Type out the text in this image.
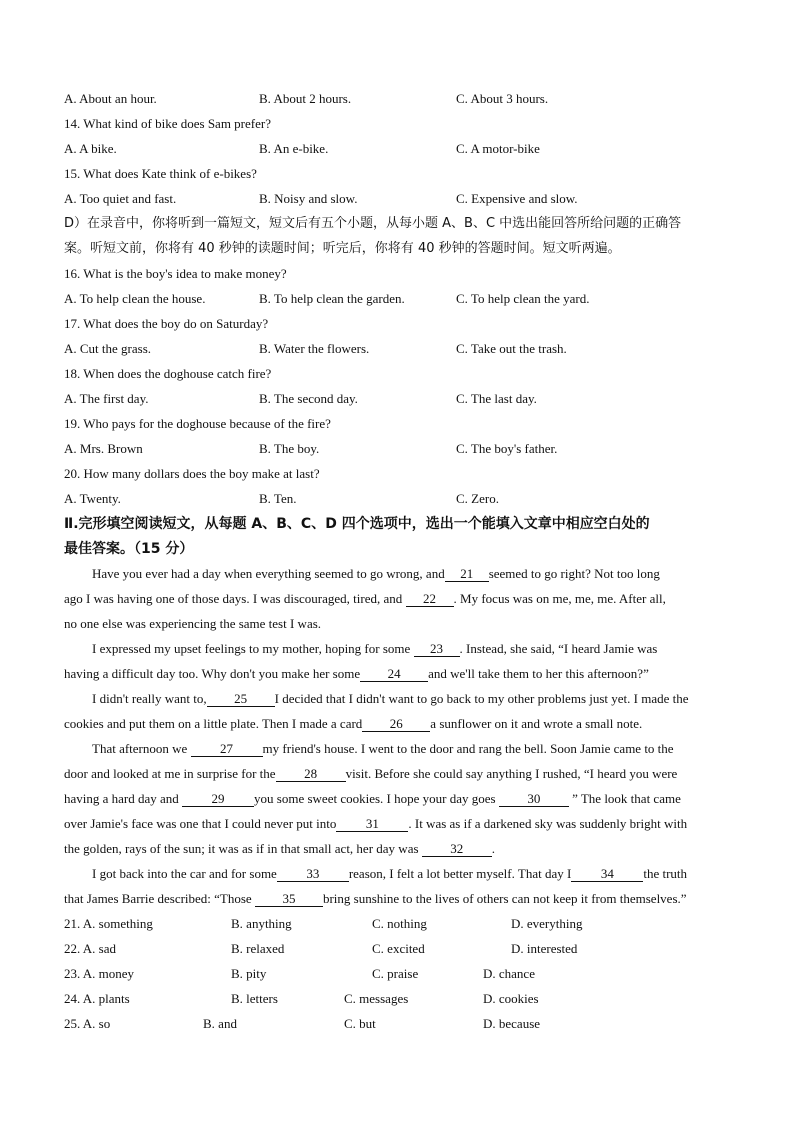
A. About an hour.	B. About 2 hours.	C. About 3 hours.
14. What kind of bike does Sam prefer?
A. A bike.	B. An e-bike.	C. A motor-bike
15. What does Kate think of e-bikes?
A. Too quiet and fast.	B. Noisy and slow.	C. Expensive and slow.
D）在录音中，你将听到一篇短文，短文后有五个小题，从每小题 A、B、C 中选出能回答所给问题的正确答
案。听短文前，你将有 40 秒钟的读题时间；听完后，你将有 40 秒钟的答题时间。短文听两遍。
16. What is the boy's idea to make money?
A. To help clean the house.	B. To help clean the garden.	C. To help clean the yard.
17. What does the boy do on Saturday?
A. Cut the grass.	B. Water the flowers.	C. Take out the trash.
18. When does the doghouse catch fire?
A. The first day.	B. The second day.	C. The last day.
19. Who pays for the doghouse because of the fire?
A. Mrs. Brown	B. The boy.	C. The boy's father.
20. How many dollars does the boy make at last?
A. Twenty.	B. Ten.	C. Zero.
Ⅱ.完形填空阅读短文，从每题 A、B、C、D 四个选项中，选出一个能填入文章中相应空白处的
最佳答案。（15 分）
Have you ever had a day when everything seemed to go wrong, and 21 seemed to go right? Not too long
ago I was having one of those days. I was discouraged, tired, and 22 . My focus was on me, me, me. After all,
no one else was experiencing the same test I was.
I expressed my upset feelings to my mother, hoping for some 23 . Instead, she said, “I heard Jamie was
having a difficult day too. Why don't you make her some 24 and we'll take them to her this afternoon?”
I didn't really want to, 25 I decided that I didn't want to go back to my other problems just yet. I made the
cookies and put them on a little plate. Then I made a card 26 a sunflower on it and wrote a small note.
That afternoon we 27 my friend's house. I went to the door and rang the bell. Soon Jamie came to the
door and looked at me in surprise for the 28 visit. Before she could say anything I rushed, “I heard you were
having a hard day and 29 you some sweet cookies. I hope your day goes 30 ” The look that came
over Jamie's face was one that I could never put into 31 . It was as if a darkened sky was suddenly bright with
the golden, rays of the sun; it was as if in that small act, her day was 32 .
I got back into the car and for some 33 reason, I felt a lot better myself. That day I 34 the truth
that James Barrie described: “Those 35 bring sunshine to the lives of others can not keep it from themselves.”
21. A. something	B. anything	C. nothing	D. everything
22. A. sad	B. relaxed	C. excited	D. interested
23. A. money	B. pity	C. praise	D. chance
24. A. plants	B. letters	C. messages	D. cookies
25. A. so	B. and	C. but	D. because
